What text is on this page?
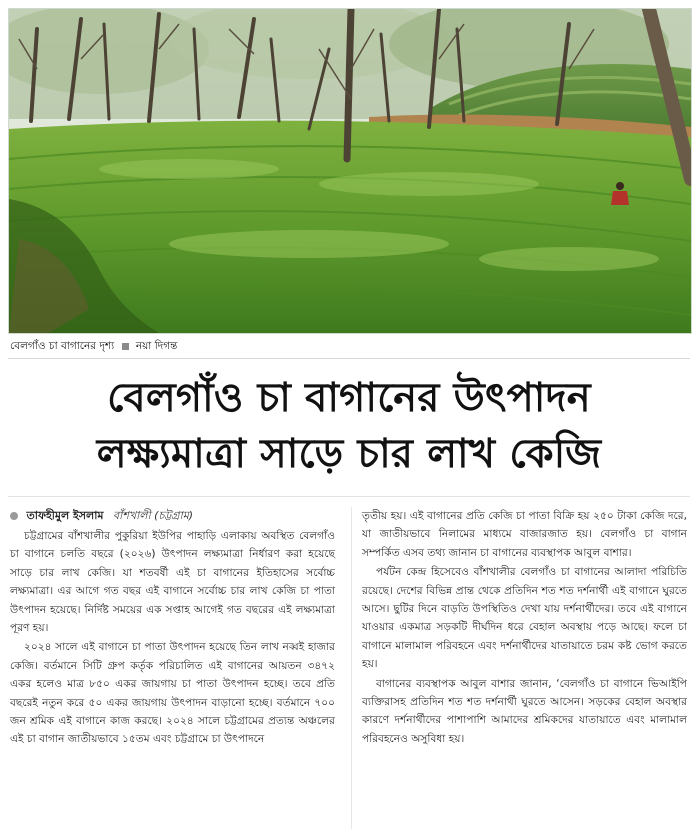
বেলগাঁও চা বাগানের দৃশ্য নয়া দিগন্ত
বেলগাঁও চা বাগানের উৎপাদন
লক্ষ্যমাত্রা সাড়ে চার লাখ কেজি
তাফহীমুল ইসলাম বাঁশখালী (চট্টগ্রাম)

চট্টগ্রামের বাঁশখালীর পুকুরিয়া ইউপির পাহাড়ি এলাকায় অবস্থিত বেলগাঁও চা বাগানে চলতি বছরে (২০২৬) উৎপাদন লক্ষ্যমাত্রা নির্ধারণ করা হয়েছে সাড়ে চার লাখ কেজি। যা শতবর্ষী এই চা বাগানের ইতিহাসের সর্বোচ্চ লক্ষ্যমাত্রা। এর আগে গত বছর এই বাগানে সর্বোচ্চ চার লাখ কেজি চা পাতা উৎপাদন হয়েছে। নির্দিষ্ট সময়ের এক সপ্তাহ আগেই গত বছরের এই লক্ষ্যমাত্রা পূরণ হয়।

২০২৪ সালে এই বাগানে চা পাতা উৎপাদন হয়েছে তিন লাখ নব্বই হাজার কেজি। বর্তমানে সিটি গ্রুপ কর্তৃক পরিচালিত এই বাগানের আয়তন ৩৪৭২ একর হলেও মাত্র ৮৫০ একর জায়গায় চা পাতা উৎপাদন হচ্ছে। তবে প্রতি বছরেই নতুন করে ৫০ একর জায়গায় উৎপাদন বাড়ানো হচ্ছে। বর্তমানে ৭০০ জন শ্রমিক এই বাগানে কাজ করছে। ২০২৪ সালে চট্টগ্রামের প্রত্যন্ত অঞ্চলের এই চা বাগান জাতীয়ভাবে ১৫তম এবং চট্টগ্রামে চা উৎপাদনে

তৃতীয় হয়। এই বাগানের প্রতি কেজি চা পাতা বিক্রি হয় ২৫০ টাকা কেজি দরে, যা জাতীয়ভাবে নিলামের মাধ্যমে বাজারজাত হয়। বেলগাঁও চা বাগান সম্পর্কিত এসব তথ্য জানান চা বাগানের ব্যবস্থাপক আবুল বাশার।

পর্যটন কেন্দ্র হিসেবেও বাঁশখালীর বেলগাঁও চা বাগানের আলাদা পরিচিতি রয়েছে। দেশের বিভিন্ন প্রান্ত থেকে প্রতিদিন শত শত দর্শনার্থী এই বাগানে ঘুরতে আসে। ছুটির দিনে বাড়তি উপস্থিতিও দেখা যায় দর্শনার্থীদের। তবে এই বাগানে যাওয়ার একমাত্র সড়কটি দীর্ঘদিন ধরে বেহাল অবস্থায় পড়ে আছে। ফলে চা বাগানে মালামাল পরিবহনে এবং দর্শনার্থীদের যাতায়াতে চরম কষ্ট ভোগ করতে হয়।

বাগানের ব্যবস্থাপক আবুল বাশার জানান, ‘বেলগাঁও চা বাগানে ভিআইপি ব্যক্তিরাসহ প্রতিদিন শত শত দর্শনার্থী ঘুরতে আসেন। সড়কের বেহাল অবস্থার কারণে দর্শনার্থীদের পাশাপাশি আমাদের শ্রমিকদের যাতায়াতে এবং মালামাল পরিবহনেও অসুবিধা হয়।
